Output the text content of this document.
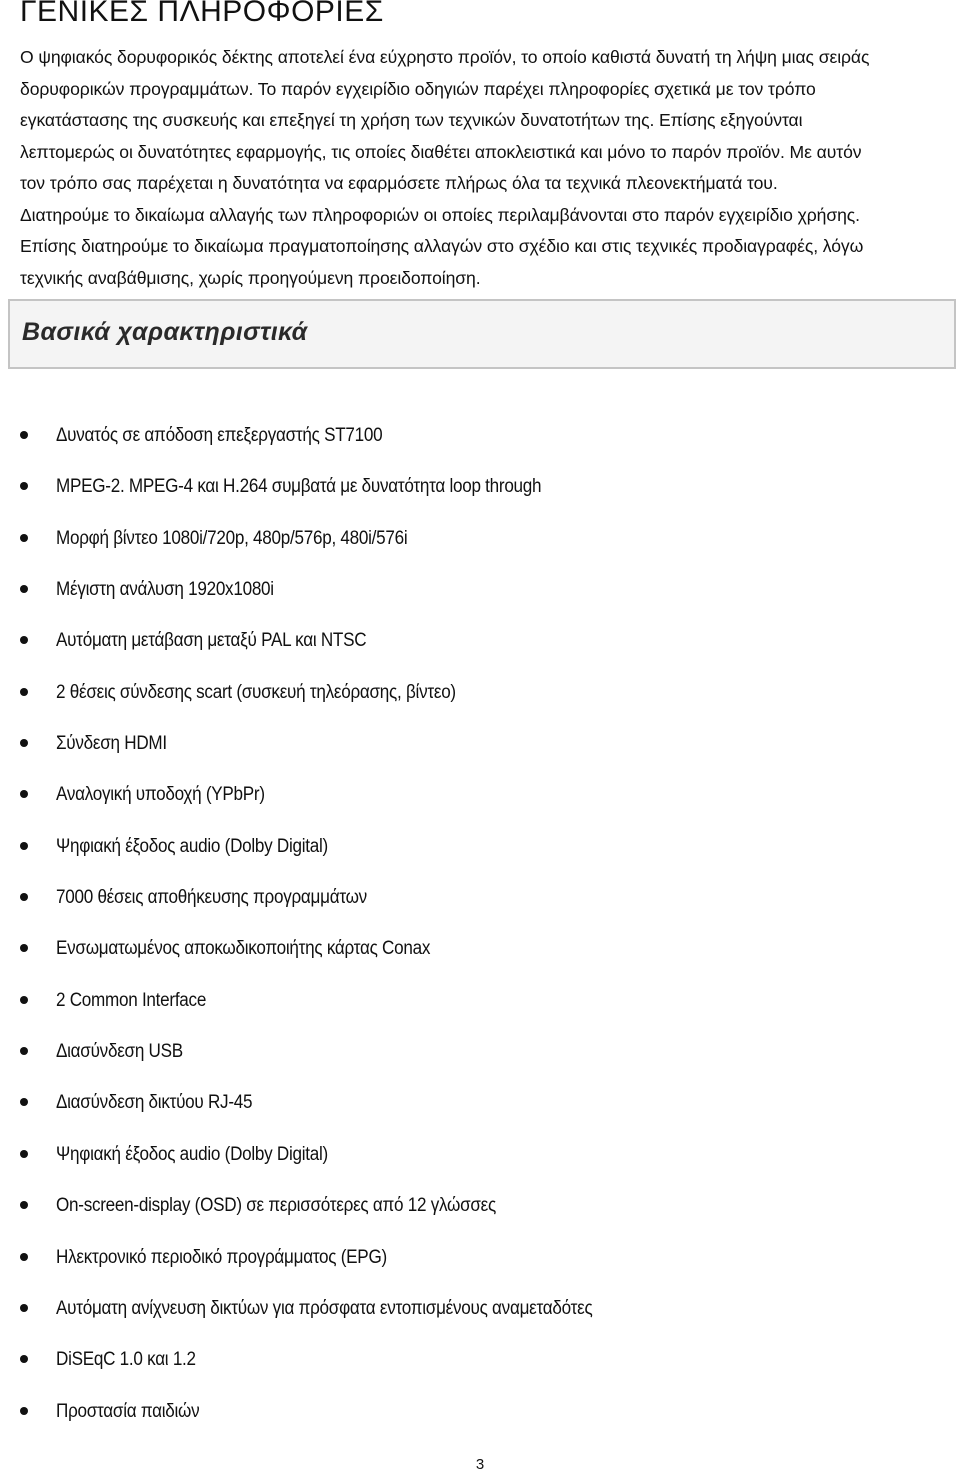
ΓΕΝΙΚΕΣ ΠΛΗΡΟΦΟΡΙΕΣ

Ο ψηφιακός δορυφορικός δέκτης αποτελεί ένα εύχρηστο προϊόν, το οποίο καθιστά δυνατή τη λήψη μιας σειράς
δορυφορικών προγραμμάτων. Το παρόν εγχειρίδιο οδηγιών παρέχει πληροφορίες σχετικά με τον τρόπο
εγκατάστασης της συσκευής και επεξηγεί τη χρήση των τεχνικών δυνατοτήτων της. Επίσης εξηγούνται
λεπτομερώς οι δυνατότητες εφαρμογής, τις οποίες διαθέτει αποκλειστικά και μόνο το παρόν προϊόν. Με αυτόν
τον τρόπο σας παρέχεται η δυνατότητα να εφαρμόσετε πλήρως όλα τα τεχνικά πλεονεκτήματά του.
Διατηρούμε το δικαίωμα αλλαγής των πληροφοριών οι οποίες περιλαμβάνονται στο παρόν εγχειρίδιο χρήσης.
Επίσης διατηρούμε το δικαίωμα πραγματοποίησης αλλαγών στο σχέδιο και στις τεχνικές προδιαγραφές, λόγω
τεχνικής αναβάθμισης, χωρίς προηγούμενη προειδοποίηση.

Βασικά χαρακτηριστικά
Δυνατός σε απόδοση επεξεργαστής ST7100
MPEG-2. MPEG-4 και H.264 συμβατά με δυνατότητα loop through
Μορφή βίντεο 1080i/720p, 480p/576p, 480i/576i
Μέγιστη ανάλυση 1920x1080i
Αυτόματη μετάβαση μεταξύ PAL και NTSC
2 θέσεις σύνδεσης scart (συσκευή τηλεόρασης, βίντεο)
Σύνδεση HDMI
Αναλογική υποδοχή (YPbPr)
Ψηφιακή έξοδος audio (Dolby Digital)
7000 θέσεις αποθήκευσης προγραμμάτων
Ενσωματωμένος αποκωδικοποιήτης κάρτας Conax
2 Common Interface
Διασύνδεση USB
Διασύνδεση δικτύου RJ-45
Ψηφιακή έξοδος audio (Dolby Digital)
On-screen-display (OSD) σε περισσότερες από 12 γλώσσες
Ηλεκτρονικό περιοδικό προγράμματος (EPG)
Αυτόματη ανίχνευση δικτύων για πρόσφατα εντοπισμένους αναμεταδότες
DiSEqC 1.0 και 1.2
Προστασία παιδιών
3
